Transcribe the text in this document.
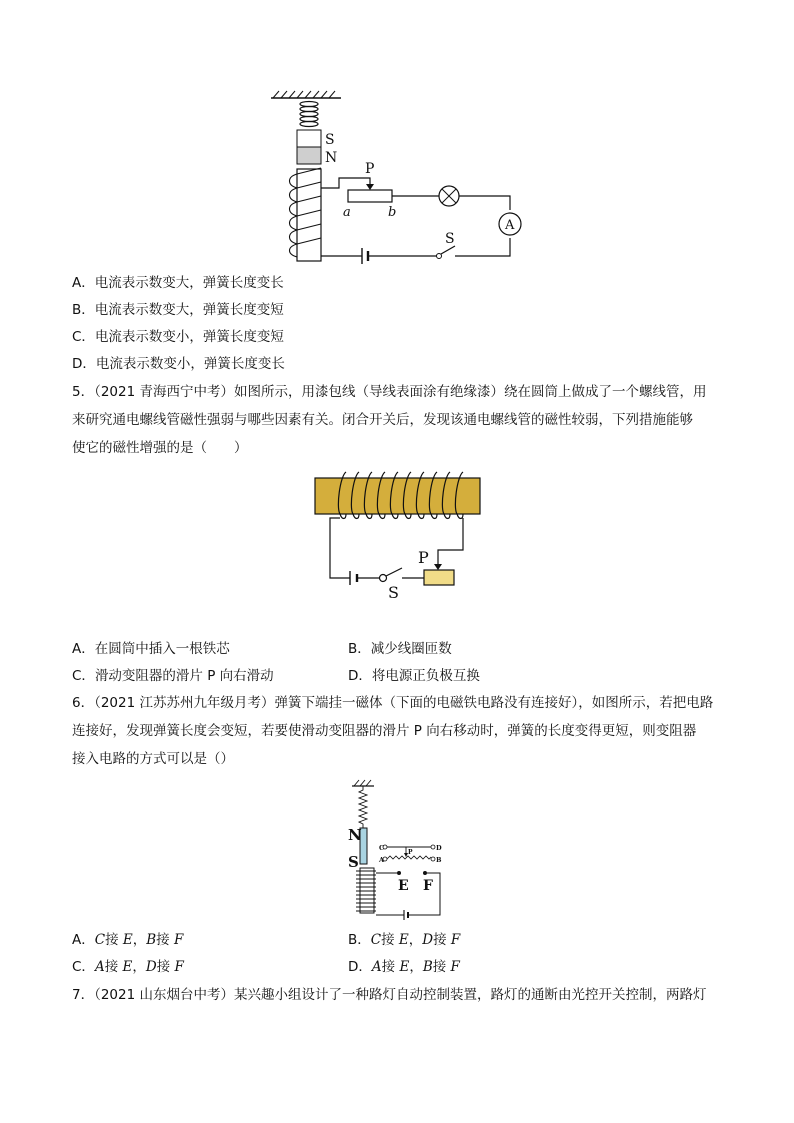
S
N
P
a	b
A
S
A．电流表示数变大，弹簧长度变长
B．电流表示数变大，弹簧长度变短
C．电流表示数变小，弹簧长度变短
D．电流表示数变小，弹簧长度变长
5．（2021 青海西宁中考）如图所示，用漆包线（导线表面涂有绝缘漆）绕在圆筒上做成了一个螺线管，用
来研究通电螺线管磁性强弱与哪些因素有关。闭合开关后，发现该通电螺线管的磁性较弱，下列措施能够
使它的磁性增强的是（　　）
S
P
A．在圆筒中插入一根铁芯	B．减少线圈匝数
C．滑动变阻器的滑片 P 向右滑动	D．将电源正负极互换
6．（2021 江苏苏州九年级月考）弹簧下端挂一磁体（下面的电磁铁电路没有连接好），如图所示，若把电路
连接好，发现弹簧长度会变短，若要使滑动变阻器的滑片 P 向右移动时，弹簧的长度变得更短，则变阻器
接入电路的方式可以是（）
N
S
C	D
P
A	B
E F
A．C接 E，B接 F	B．C接 E，D接 F
C．A接 E，D接 F	D．A接 E，B接 F
7．（2021 山东烟台中考）某兴趣小组设计了一种路灯自动控制装置，路灯的通断由光控开关控制，两路灯
